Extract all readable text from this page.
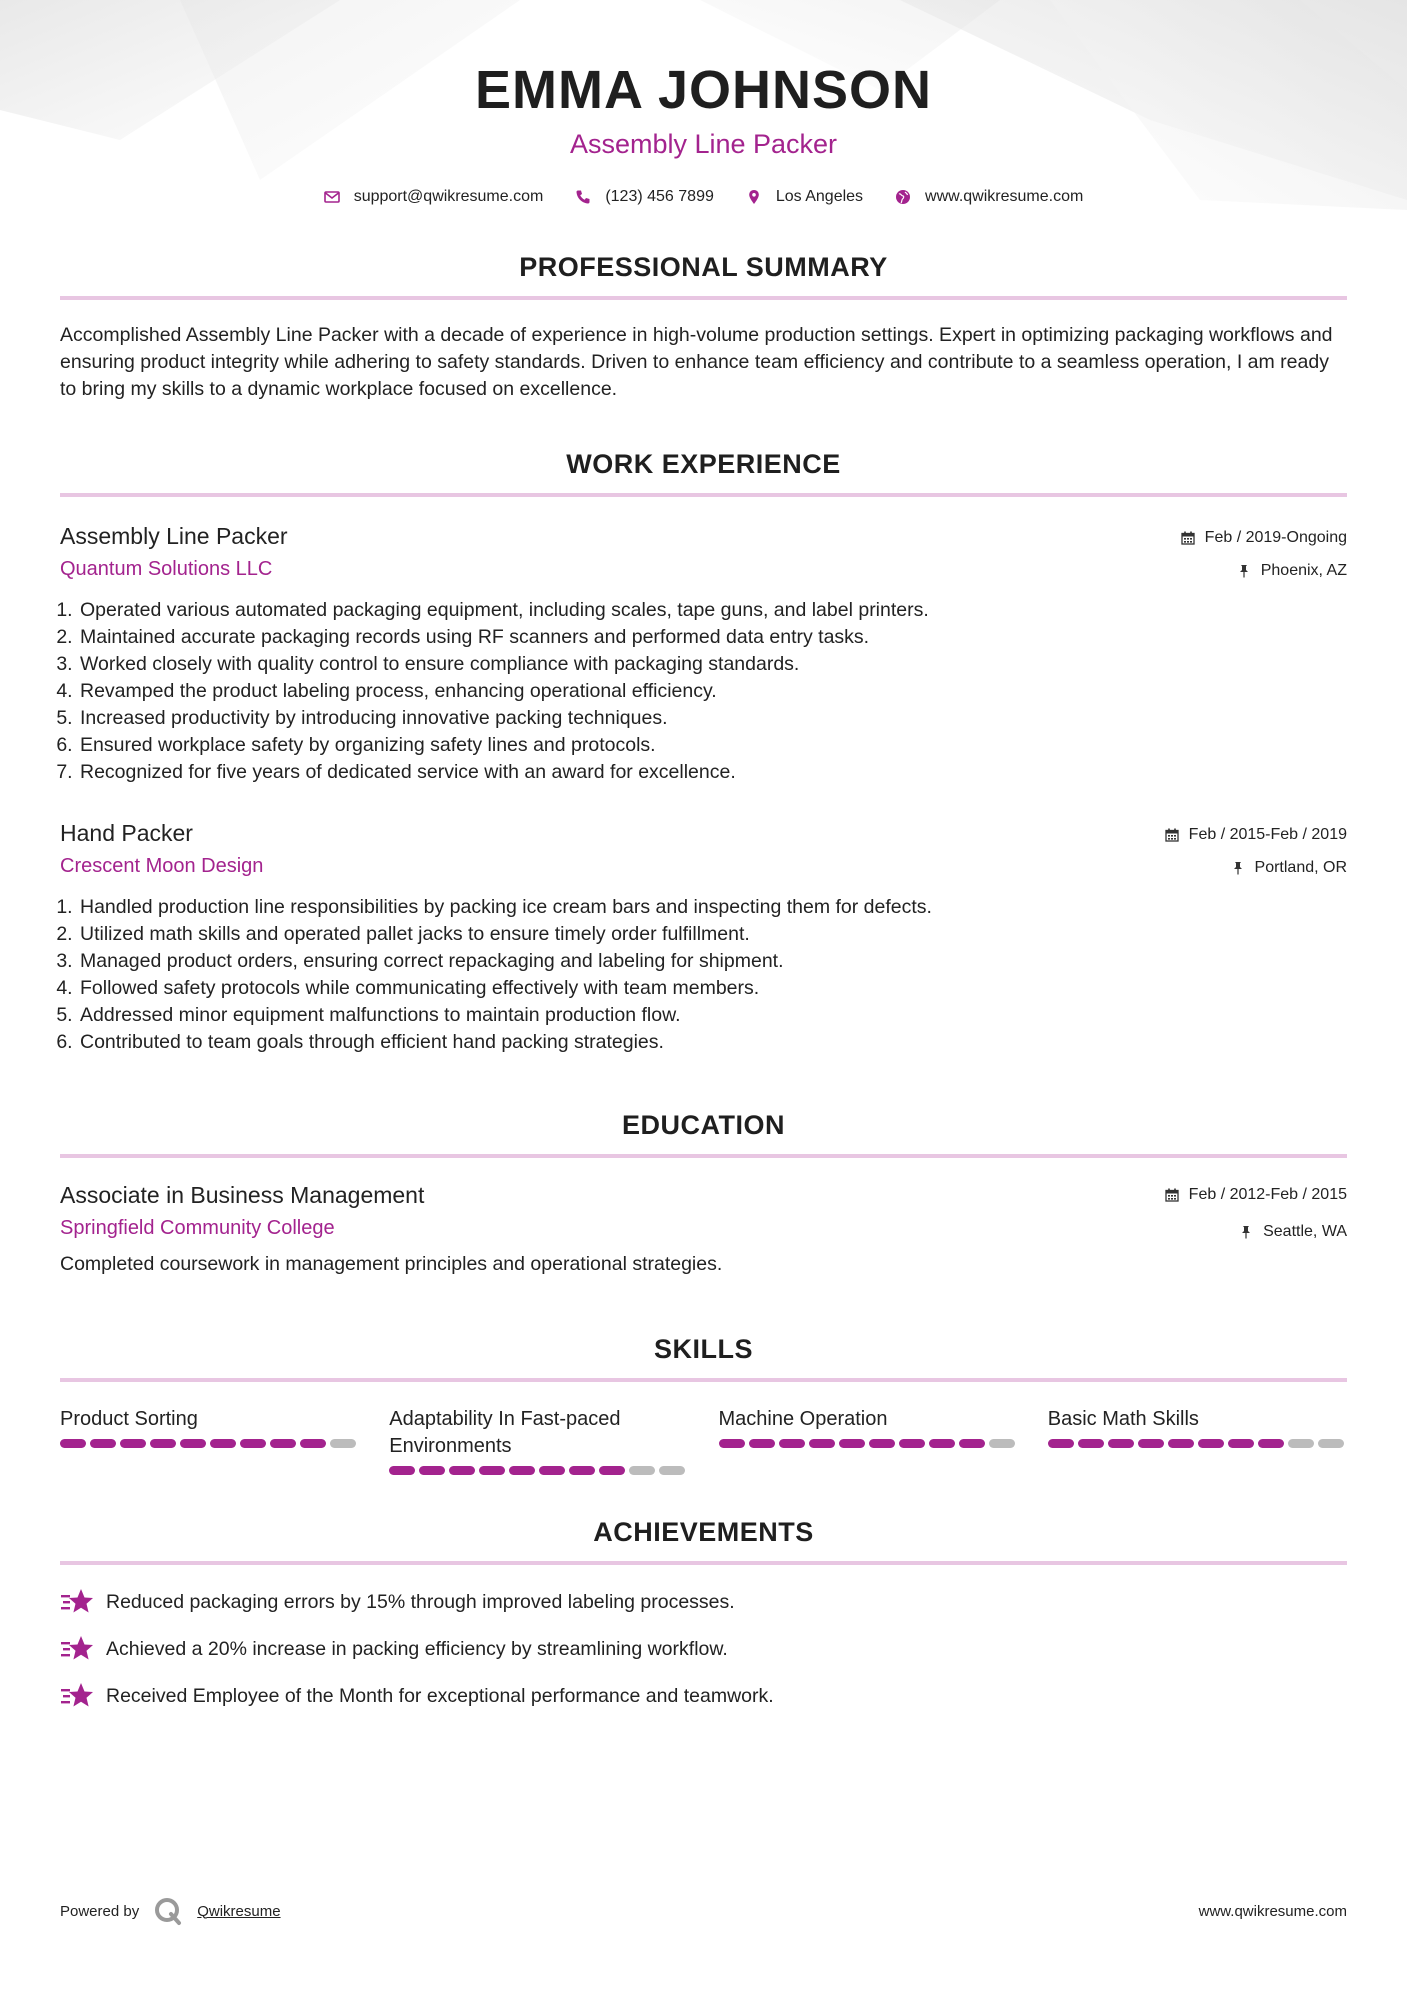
EMMA JOHNSON
Assembly Line Packer
support@qwikresume.com	(123) 456 7899	Los Angeles	www.qwikresume.com
PROFESSIONAL SUMMARY

Accomplished Assembly Line Packer with a decade of experience in high-volume production settings. Expert in optimizing packaging workflows and ensuring product integrity while adhering to safety standards. Driven to enhance team efficiency and contribute to a seamless operation, I am ready to bring my skills to a dynamic workplace focused on excellence.

WORK EXPERIENCE
Assembly Line Packer
Quantum Solutions LLC
Feb / 2019-Ongoing
Phoenix, AZ
1. Operated various automated packaging equipment, including scales, tape guns, and label printers.
2. Maintained accurate packaging records using RF scanners and performed data entry tasks.
3. Worked closely with quality control to ensure compliance with packaging standards.
4. Revamped the product labeling process, enhancing operational efficiency.
5. Increased productivity by introducing innovative packing techniques.
6. Ensured workplace safety by organizing safety lines and protocols.
7. Recognized for five years of dedicated service with an award for excellence.
Hand Packer
Crescent Moon Design
Feb / 2015-Feb / 2019
Portland, OR
1. Handled production line responsibilities by packing ice cream bars and inspecting them for defects.
2. Utilized math skills and operated pallet jacks to ensure timely order fulfillment.
3. Managed product orders, ensuring correct repackaging and labeling for shipment.
4. Followed safety protocols while communicating effectively with team members.
5. Addressed minor equipment malfunctions to maintain production flow.
6. Contributed to team goals through efficient hand packing strategies.
EDUCATION
Associate in Business Management
Springfield Community College
Feb / 2012-Feb / 2015
Seattle, WA
Completed coursework in management principles and operational strategies.
SKILLS
Product Sorting	Adaptability In Fast-paced Environments
Machine Operation	Basic Math Skills
ACHIEVEMENTS
Reduced packaging errors by 15% through improved labeling processes.
Achieved a 20% increase in packing efficiency by streamlining workflow.
Received Employee of the Month for exceptional performance and teamwork.
Powered by	Qwikresume	www.qwikresume.com
